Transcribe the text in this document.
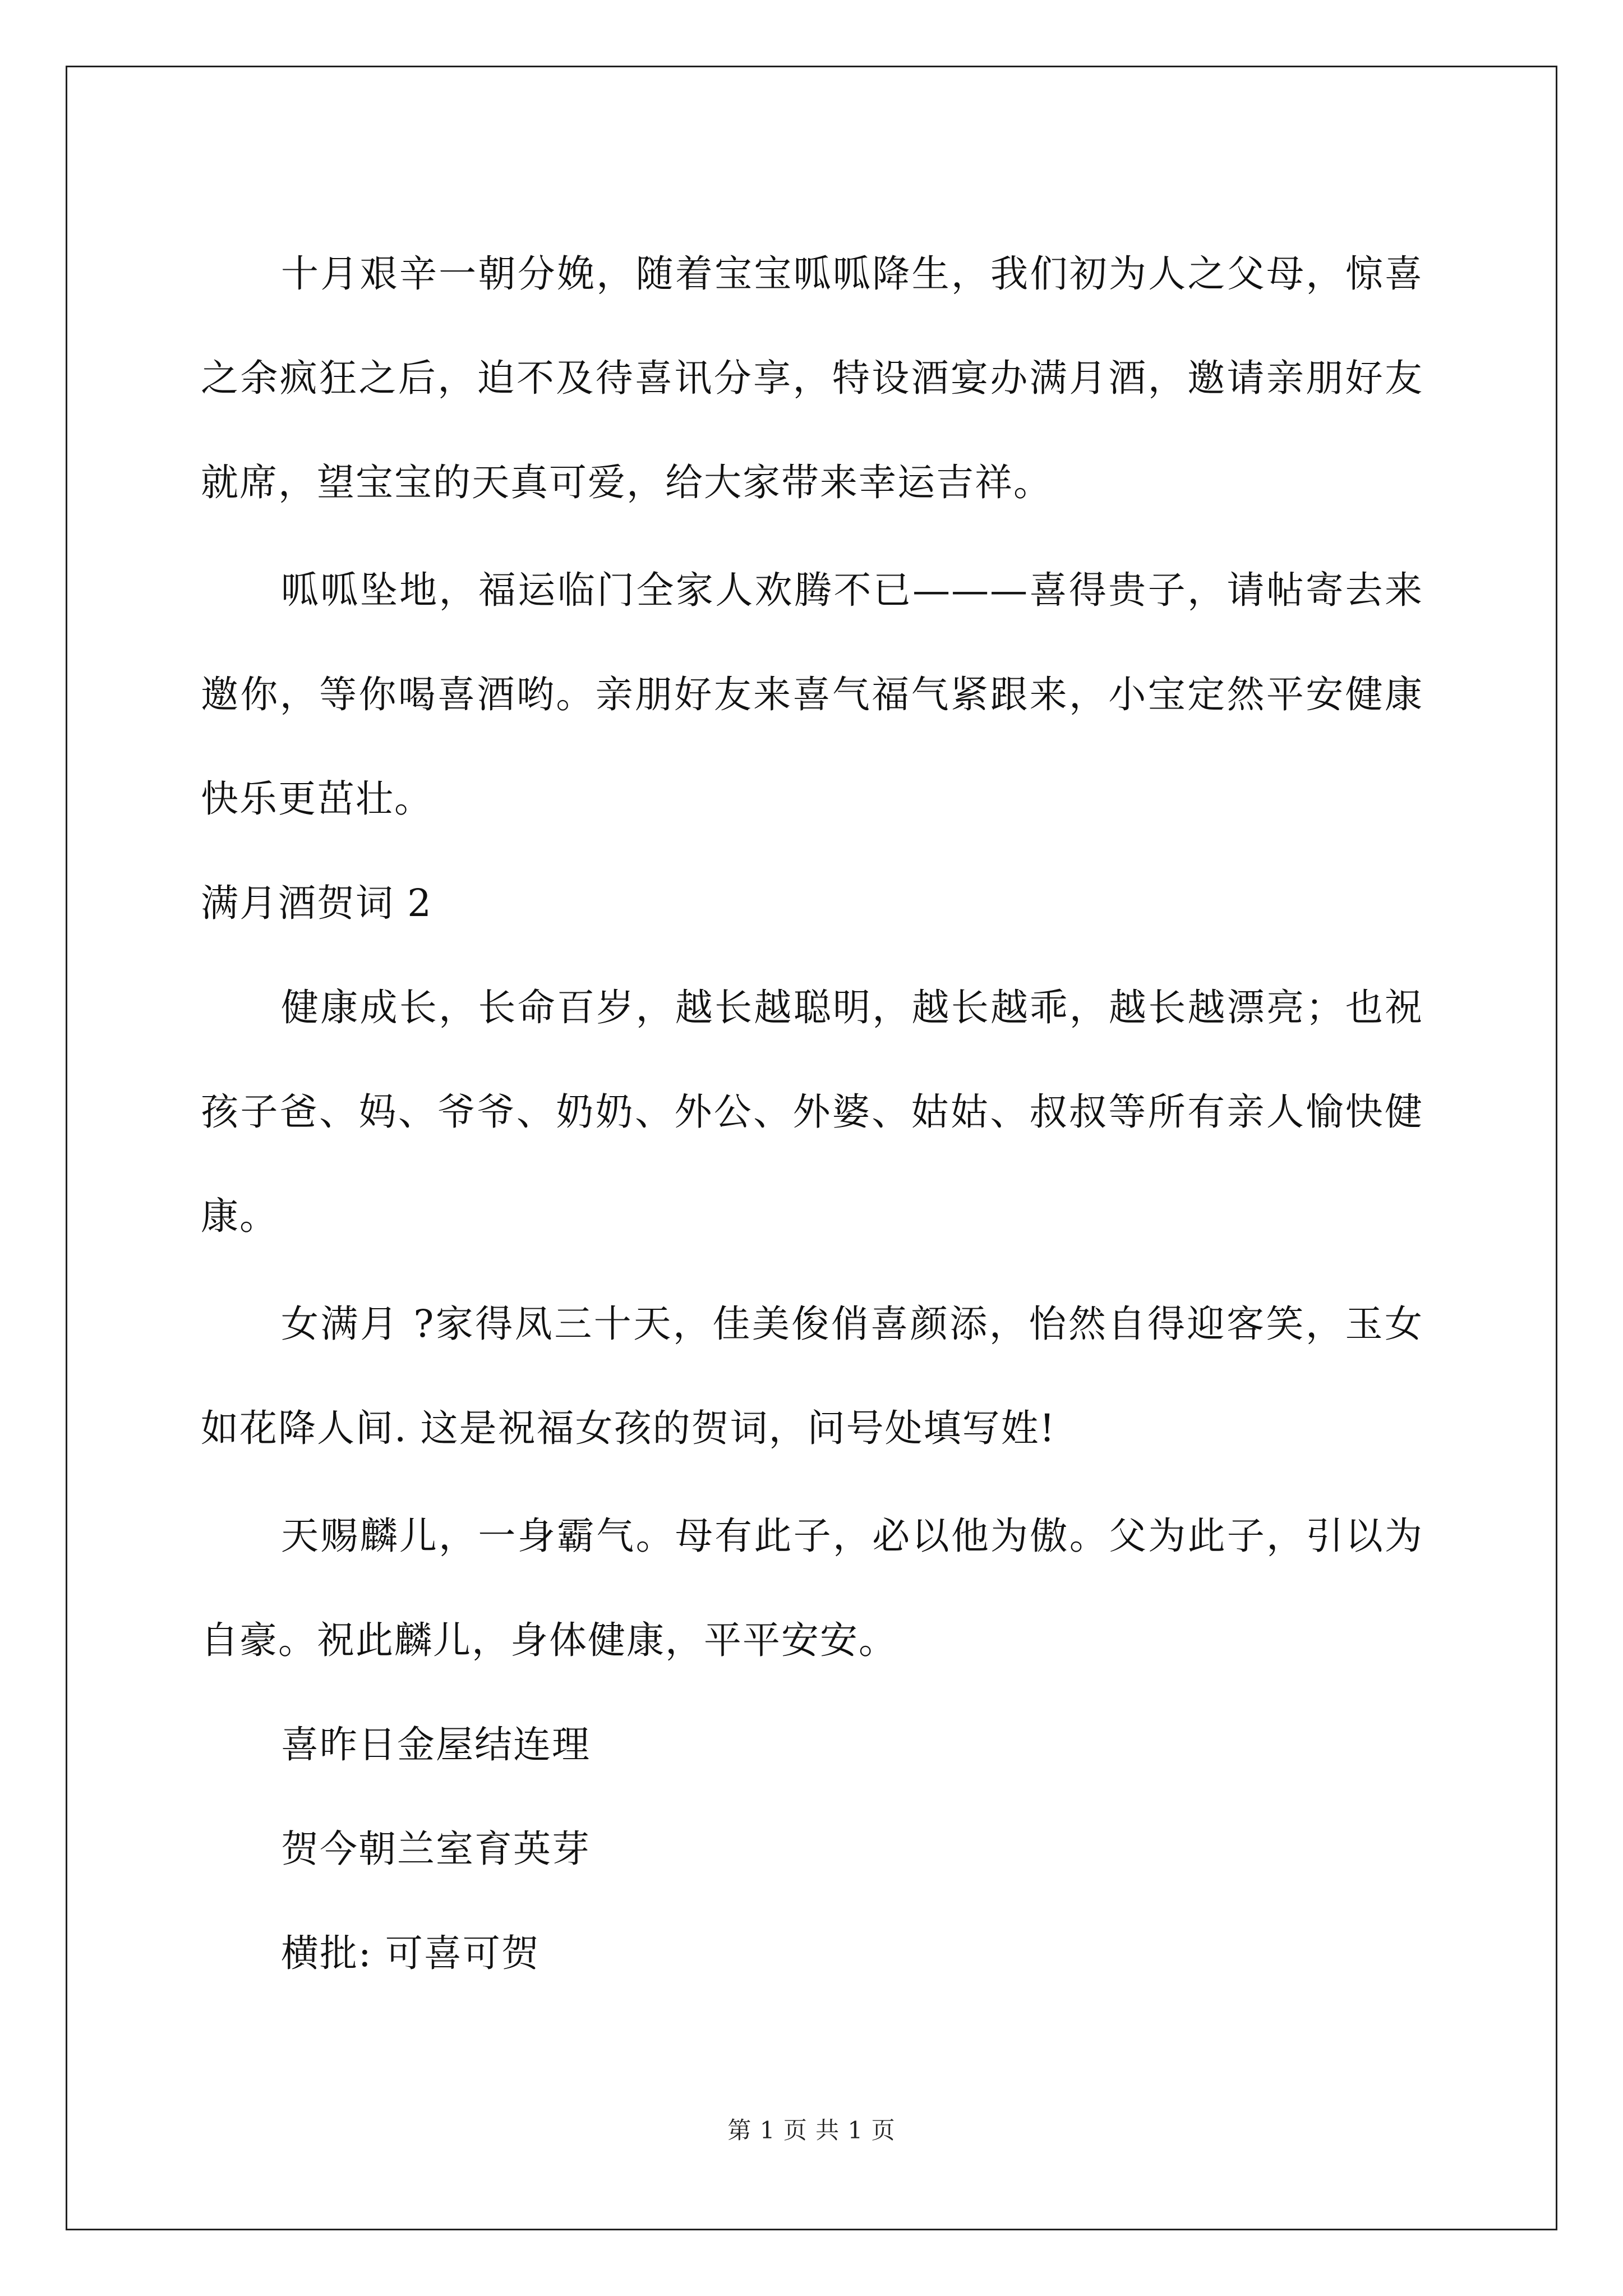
十月艰辛一朝分娩，随着宝宝呱呱降生，我们初为人之父母，惊喜之余疯狂之后，迫不及待喜讯分享，特设酒宴办满月酒，邀请亲朋好友就席，望宝宝的天真可爱，给大家带来幸运吉祥。

呱呱坠地，福运临门全家人欢腾不已———喜得贵子，请帖寄去来邀你，等你喝喜酒哟。亲朋好友来喜气福气紧跟来，小宝定然平安健康快乐更茁壮。

满月酒贺词 2

健康成长，长命百岁，越长越聪明，越长越乖，越长越漂亮；也祝孩子爸、妈、爷爷、奶奶、外公、外婆、姑姑、叔叔等所有亲人愉快健康。

女满月 ?家得凤三十天，佳美俊俏喜颜添，怡然自得迎客笑，玉女如花降人间. 这是祝福女孩的贺词，问号处填写姓!

天赐麟儿，一身霸气。母有此子，必以他为傲。父为此子，引以为自豪。祝此麟儿，身体健康，平平安安。

喜昨日金屋结连理

贺今朝兰室育英芽

横批: 可喜可贺

第 1 页 共 1 页
